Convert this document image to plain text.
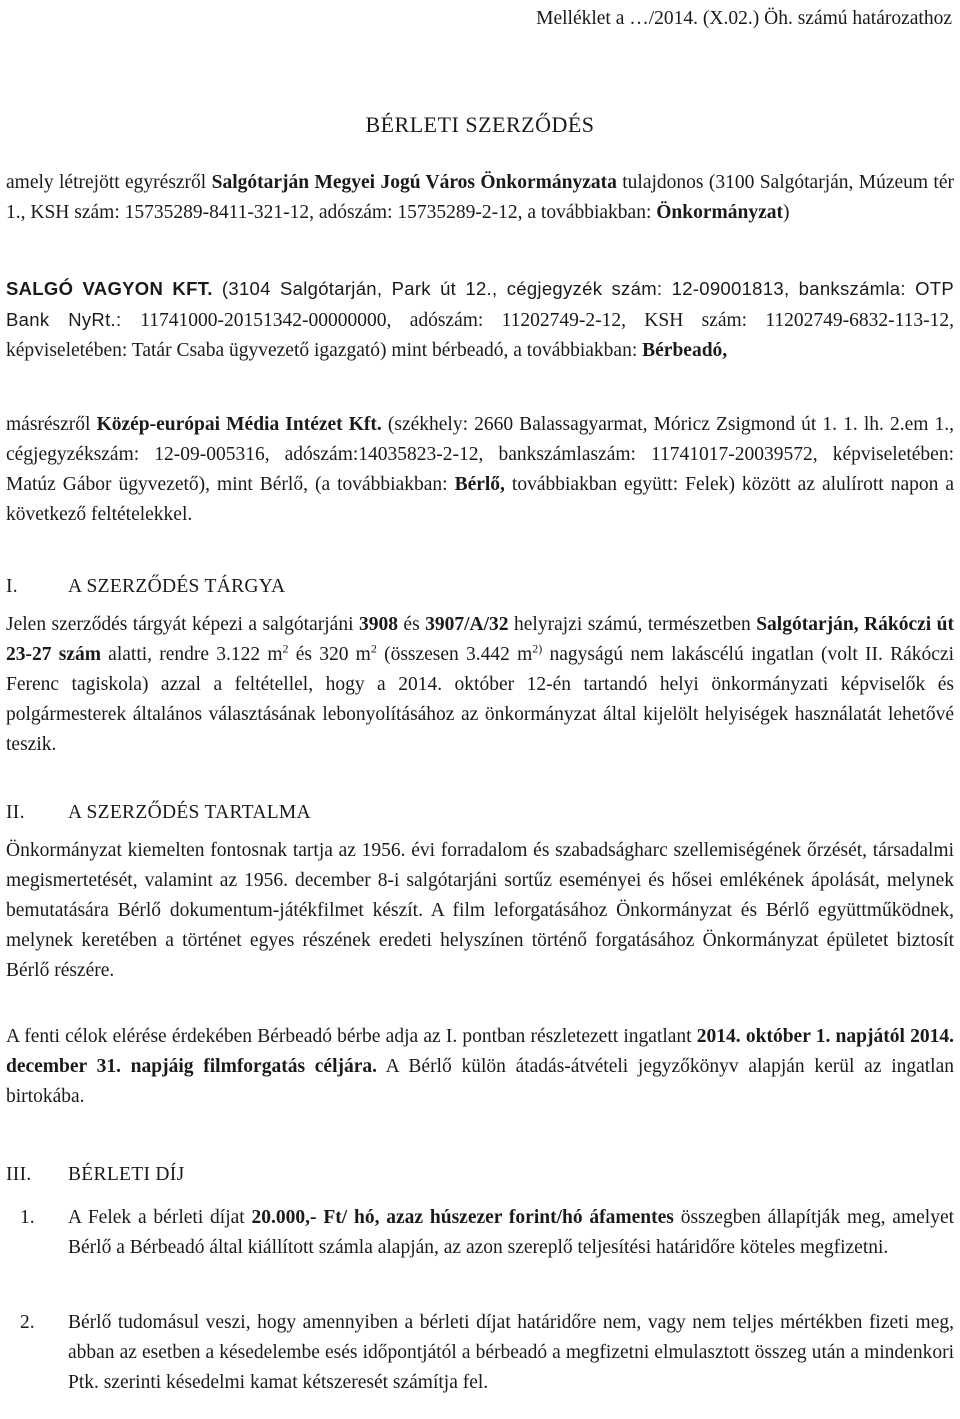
Melléklet a …/2014. (X.02.) Öh. számú határozathoz
BÉRLETI SZERZŐDÉS
amely létrejött egyrészről Salgótarján Megyei Jogú Város Önkormányzata tulajdonos (3100 Salgótarján, Múzeum tér 1., KSH szám: 15735289-8411-321-12, adószám: 15735289-2-12, a továbbiakban: Önkormányzat)
SALGÓ VAGYON KFT. (3104 Salgótarján, Park út 12., cégjegyzék szám: 12-09001813, bankszámla: OTP Bank NyRt.: 11741000-20151342-00000000, adószám: 11202749-2-12, KSH szám: 11202749-6832-113-12, képviseletében: Tatár Csaba ügyvezető igazgató) mint bérbeadó, a továbbiakban: Bérbeadó,
másrészről Közép-európai Média Intézet Kft. (székhely: 2660 Balassagyarmat, Móricz Zsigmond út 1. 1. lh. 2.em 1., cégjegyzékszám: 12-09-005316, adószám:14035823-2-12, bankszámlaszám: 11741017-20039572, képviseletében: Matúz Gábor ügyvezető), mint Bérlő, (a továbbiakban: Bérlő, továbbiakban együtt: Felek) között az alulírott napon a következő feltételekkel.
I.	A SZERZŐDÉS TÁRGYA
Jelen szerződés tárgyát képezi a salgótarjáni 3908 és 3907/A/32 helyrajzi számú, természetben Salgótarján, Rákóczi út 23-27 szám alatti, rendre 3.122 $m^2$ és 320 $m^2$ (összesen 3.442 $m^{2)}$ nagyságú nem lakáscélú ingatlan (volt II. Rákóczi Ferenc tagiskola) azzal a feltétellel, hogy a 2014. október 12-én tartandó helyi önkormányzati képviselők és polgármesterek általános választásának lebonyolításához az önkormányzat által kijelölt helyiségek használatát lehetővé teszik.
II. A SZERZŐDÉS TARTALMA
Önkormányzat kiemelten fontosnak tartja az 1956. évi forradalom és szabadságharc szellemiségének őrzését, társadalmi megismertetését, valamint az 1956. december 8-i salgótarjáni sortűz eseményei és hősei emlékének ápolását, melynek bemutatására Bérlő dokumentum-játékfilmet készít. A film leforgatásához Önkormányzat és Bérlő együttműködnek, melynek keretében a történet egyes részének eredeti helyszínen történő forgatásához Önkormányzat épületet biztosít Bérlő részére.
A fenti célok elérése érdekében Bérbeadó bérbe adja az I. pontban részletezett ingatlant 2014. október 1. napjától 2014. december 31. napjáig filmforgatás céljára. A Bérlő külön átadás-átvételi jegyzőkönyv alapján kerül az ingatlan birtokába.
III. BÉRLETI DÍJ
1. A Felek a bérleti díjat 20.000,- Ft/ hó, azaz húszezer forint/hó áfamentes összegben állapítják meg, amelyet Bérlő a Bérbeadó által kiállított számla alapján, az azon szereplő teljesítési határidőre köteles megfizetni.
2. Bérlő tudomásul veszi, hogy amennyiben a bérleti díjat határidőre nem, vagy nem teljes mértékben fizeti meg, abban az esetben a késedelembe esés időpontjától a bérbeadó a megfizetni elmulasztott összeg után a mindenkori Ptk. szerinti késedelmi kamat kétszeresét számítja fel.
